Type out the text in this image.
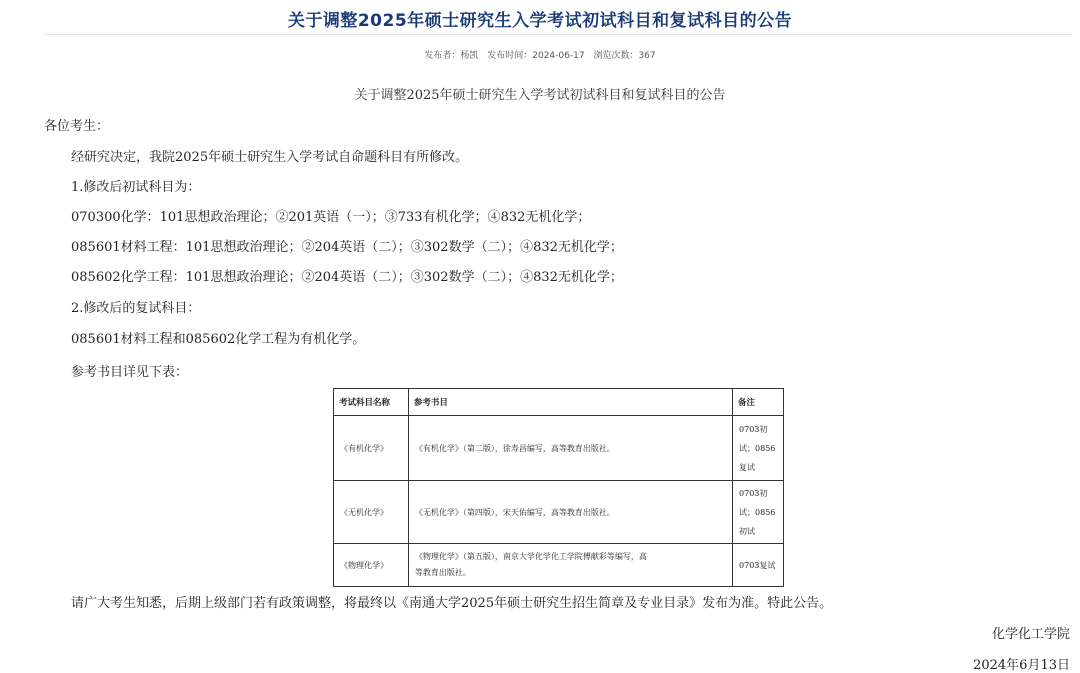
关于调整2025年硕士研究生入学考试初试科目和复试科目的公告
发布者：杨凯 发布时间：2024-06-17 浏览次数：367
关于调整2025年硕士研究生入学考试初试科目和复试科目的公告
各位考生：
经研究决定，我院2025年硕士研究生入学考试自命题科目有所修改。
1.修改后初试科目为：
070300化学：101思想政治理论；②201英语（一）；③733有机化学；④832无机化学；
085601材料工程：101思想政治理论；②204英语（二）；③302数学（二）；④832无机化学；
085602化学工程：101思想政治理论；②204英语（二）；③302数学（二）；④832无机化学；
2.修改后的复试科目：
085601材料工程和085602化学工程为有机化学。
参考书目详见下表：
考试科目名称	参考书目	备注
《有机化学》	《有机化学》（第二版），徐寿昌编写，高等教育出版社。	0703初
试；0856
复试

《无机化学》	《无机化学》（第四版），宋天佑编写，高等教育出版社。	0703初
试；0856
初试

《物理化学》	《物理化学》（第五版），南京大学化学化工学院傅献彩等编写，高
等教育出版社。	0703复试
请广大考生知悉，后期上级部门若有政策调整，将最终以《南通大学2025年硕士研究生招生简章及专业目录》发布为准。特此公告。
化学化工学院
2024年6月13日
